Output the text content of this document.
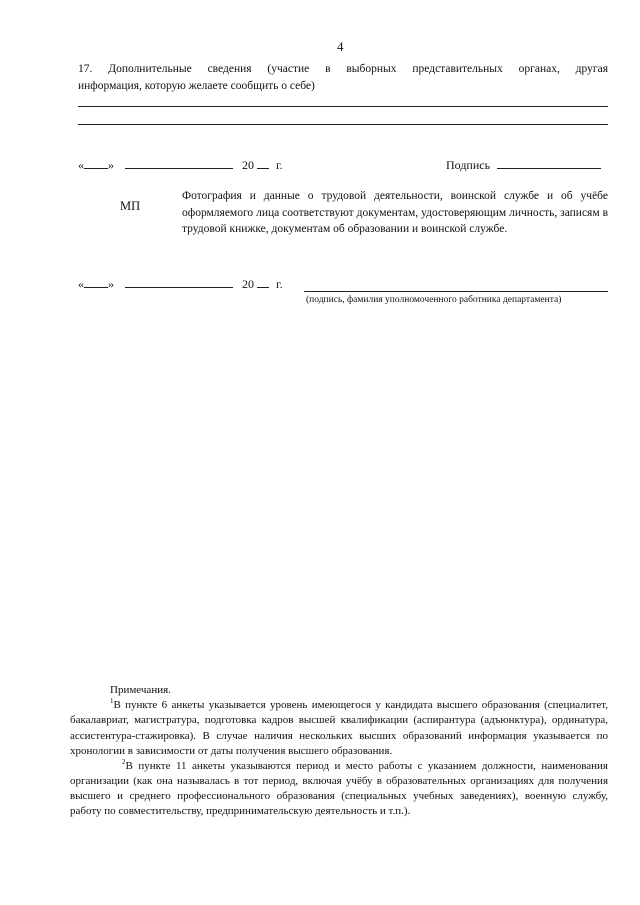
4
17. Дополнительные сведения (участие в выборных представительных органах, другая
информация, которую желаете сообщить о себе)
« »	20 г.	Подпись
МП
Фотография и данные о трудовой деятельности, воинской службе и об учёбе оформляемого лица соответствуют документам, удостоверяющим личность, записям в трудовой книжке, документам об образовании и воинской службе.
« »	20 г.
(подпись, фамилия уполномоченного работника департамента)

Примечания.

$^1$В пункте 6 анкеты указывается уровень имеющегося у кандидата высшего образования (специалитет, бакалавриат, магистратура, подготовка кадров высшей квалификации (аспирантура (адъюнктура), ординатура, ассистентура-стажировка). В случае наличия нескольких высших образований информация указывается по хронологии в зависимости от даты получения высшего образования.

$^2$В пункте 11 анкеты указываются период и место работы с указанием должности, наименования организации (как она называлась в тот период, включая учёбу в образовательных организациях для получения высшего и среднего профессионального образования (специальных учебных заведениях), военную службу, работу по совместительству, предпринимательскую деятельность и т.п.).
